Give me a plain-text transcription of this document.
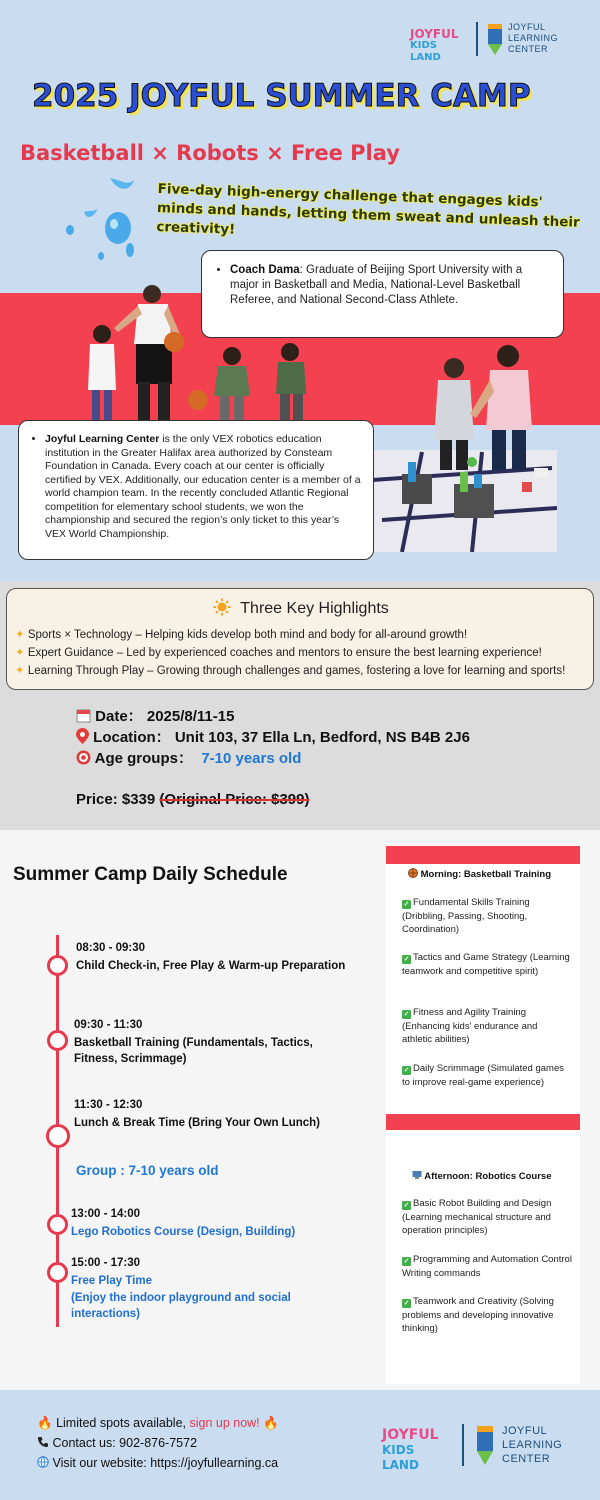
JOYFUL
KIDS LAND
JOYFUL
LEARNING
CENTER
2025 JOYFUL SUMMER CAMP
Basketball × Robots × Free Play
Five-day high-energy challenge that engages kids' minds and hands, letting them sweat and unleash their creativity!
• Coach Dama: Graduate of Beijing Sport University with a major in Basketball and Media, National-Level Basketball Referee, and National Second-Class Athlete.
• Joyful Learning Center is the only VEX robotics education institution in the Greater Halifax area authorized by Consteam Foundation in Canada. Every coach at our center is officially certified by VEX. Additionally, our education center is a member of a world champion team. In the recently concluded Atlantic Regional competition for elementary school students, we won the championship and secured the region’s only ticket to this year’s VEX World Championship.
Three Key Highlights
✦ Sports × Technology – Helping kids develop both mind and body for all-around growth!
✦ Expert Guidance – Led by experienced coaches and mentors to ensure the best learning experience!
✦ Learning Through Play – Growing through challenges and games, fostering a love for learning and sports!
Date： 2025/8/11-15
Location： Unit 103, 37 Ella Ln, Bedford, NS B4B 2J6
Age groups： 7-10 years old
Price: $339 (Original Price: $399)
Summer Camp Daily Schedule
08:30 - 09:30
Child Check-in, Free Play & Warm-up Preparation
09:30 - 11:30
Basketball Training (Fundamentals, Tactics, Fitness, Scrimmage)
11:30 - 12:30
Lunch & Break Time (Bring Your Own Lunch)
Group : 7-10 years old
13:00 - 14:00
Lego Robotics Course (Design, Building)
15:00 - 17:30
Free Play Time
(Enjoy the indoor playground and social interactions)
Morning: Basketball Training
✓ Fundamental Skills Training (Dribbling, Passing, Shooting, Coordination)
✓ Tactics and Game Strategy (Learning teamwork and competitive spirit)
✓ Fitness and Agility Training (Enhancing kids' endurance and athletic abilities)
✓ Daily Scrimmage (Simulated games to improve real-game experience)
Afternoon: Robotics Course
✓ Basic Robot Building and Design (Learning mechanical structure and operation principles)
✓ Programming and Automation Control Writing commands
✓ Teamwork and Creativity (Solving problems and developing innovative thinking)
🔥 Limited spots available, sign up now! 🔥
Contact us: 902-876-7572
Visit our website: https://joyfullearning.ca
JOYFUL
KIDS LAND
JOYFUL
LEARNING
CENTER
